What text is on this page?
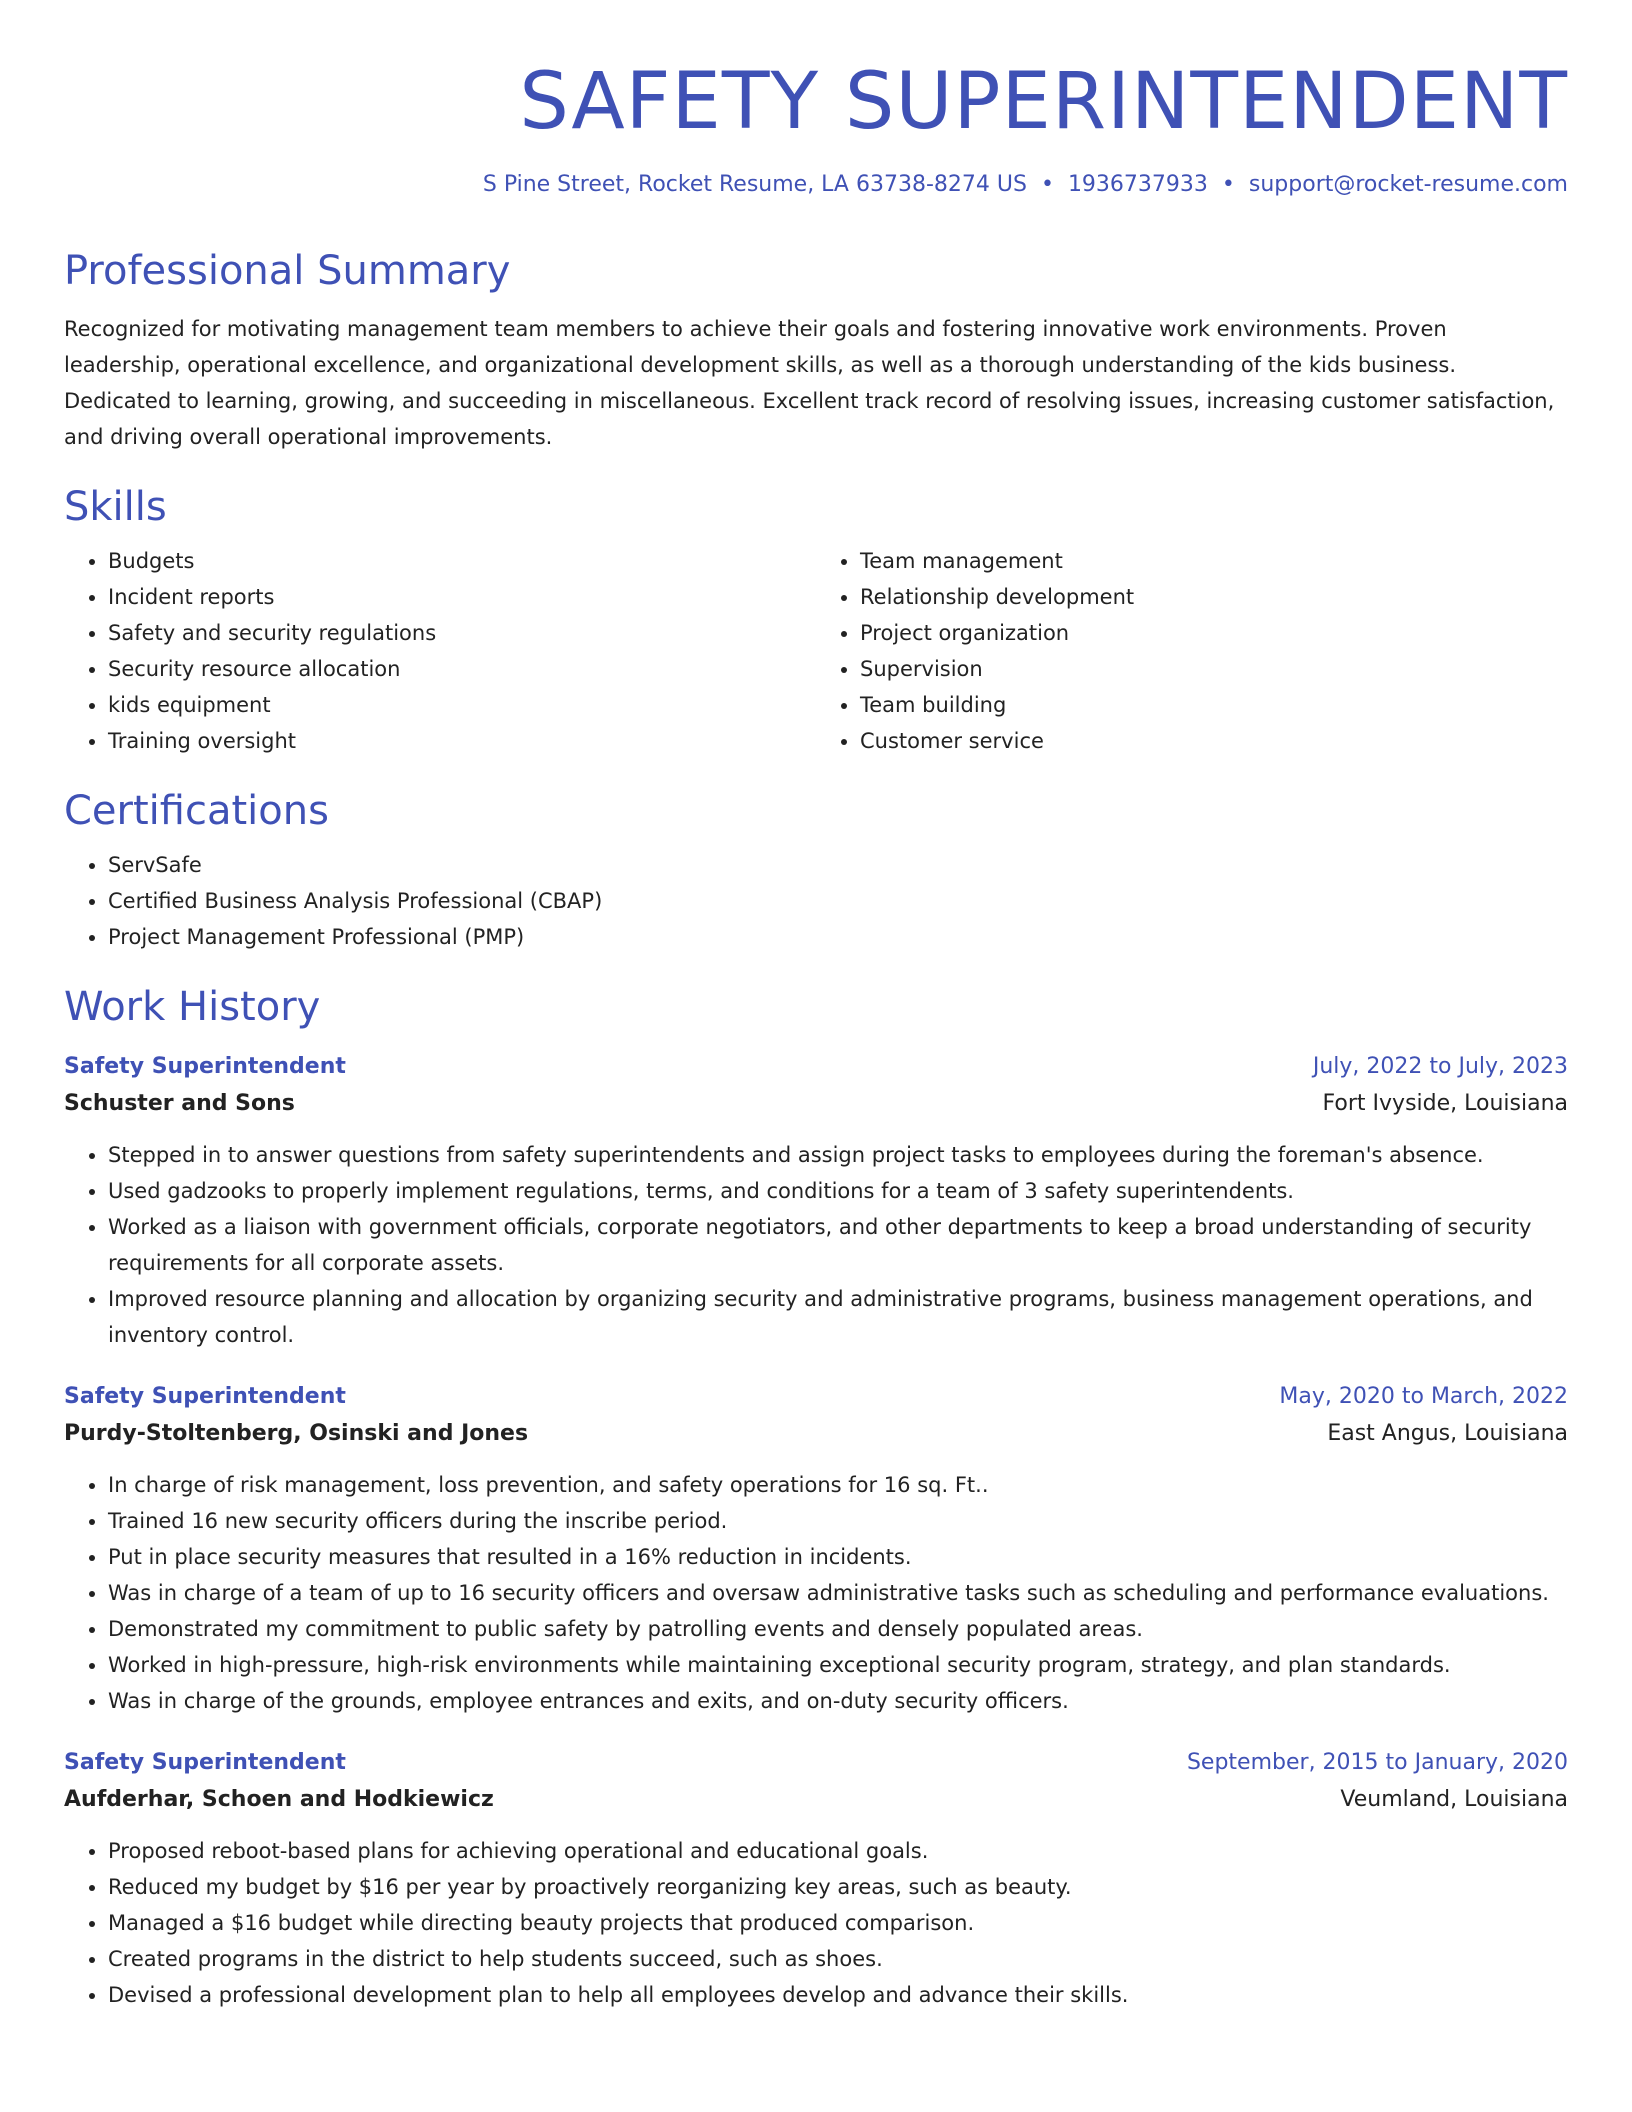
SAFETY SUPERINTENDENT
S Pine Street, Rocket Resume, LA 63738-8274 US • 1936737933 • support@rocket-resume.com
Professional Summary
Recognized for motivating management team members to achieve their goals and fostering innovative work environments. Proven leadership, operational excellence, and organizational development skills, as well as a thorough understanding of the kids business. Dedicated to learning, growing, and succeeding in miscellaneous. Excellent track record of resolving issues, increasing customer satisfaction, and driving overall operational improvements.
Skills
• Budgets
• Incident reports
• Safety and security regulations
• Security resource allocation
• kids equipment
• Training oversight
• Team management
• Relationship development
• Project organization
• Supervision
• Team building
• Customer service
Certifications
• ServSafe
• Certified Business Analysis Professional (CBAP)
• Project Management Professional (PMP)
Work History
Safety Superintendent	July, 2022 to July, 2023
Schuster and Sons	Fort Ivyside, Louisiana
• Stepped in to answer questions from safety superintendents and assign project tasks to employees during the foreman's absence.
• Used gadzooks to properly implement regulations, terms, and conditions for a team of 3 safety superintendents.
• Worked as a liaison with government officials, corporate negotiators, and other departments to keep a broad understanding of security requirements for all corporate assets.
• Improved resource planning and allocation by organizing security and administrative programs, business management operations, and inventory control.
Safety Superintendent	May, 2020 to March, 2022
Purdy-Stoltenberg, Osinski and Jones	East Angus, Louisiana
• In charge of risk management, loss prevention, and safety operations for 16 sq. Ft..
• Trained 16 new security officers during the inscribe period.
• Put in place security measures that resulted in a 16% reduction in incidents.
• Was in charge of a team of up to 16 security officers and oversaw administrative tasks such as scheduling and performance evaluations.
• Demonstrated my commitment to public safety by patrolling events and densely populated areas.
• Worked in high-pressure, high-risk environments while maintaining exceptional security program, strategy, and plan standards.
• Was in charge of the grounds, employee entrances and exits, and on-duty security officers.
Safety Superintendent	September, 2015 to January, 2020
Aufderhar, Schoen and Hodkiewicz	Veumland, Louisiana
• Proposed reboot-based plans for achieving operational and educational goals.
• Reduced my budget by $16 per year by proactively reorganizing key areas, such as beauty.
• Managed a $16 budget while directing beauty projects that produced comparison.
• Created programs in the district to help students succeed, such as shoes.
• Devised a professional development plan to help all employees develop and advance their skills.
